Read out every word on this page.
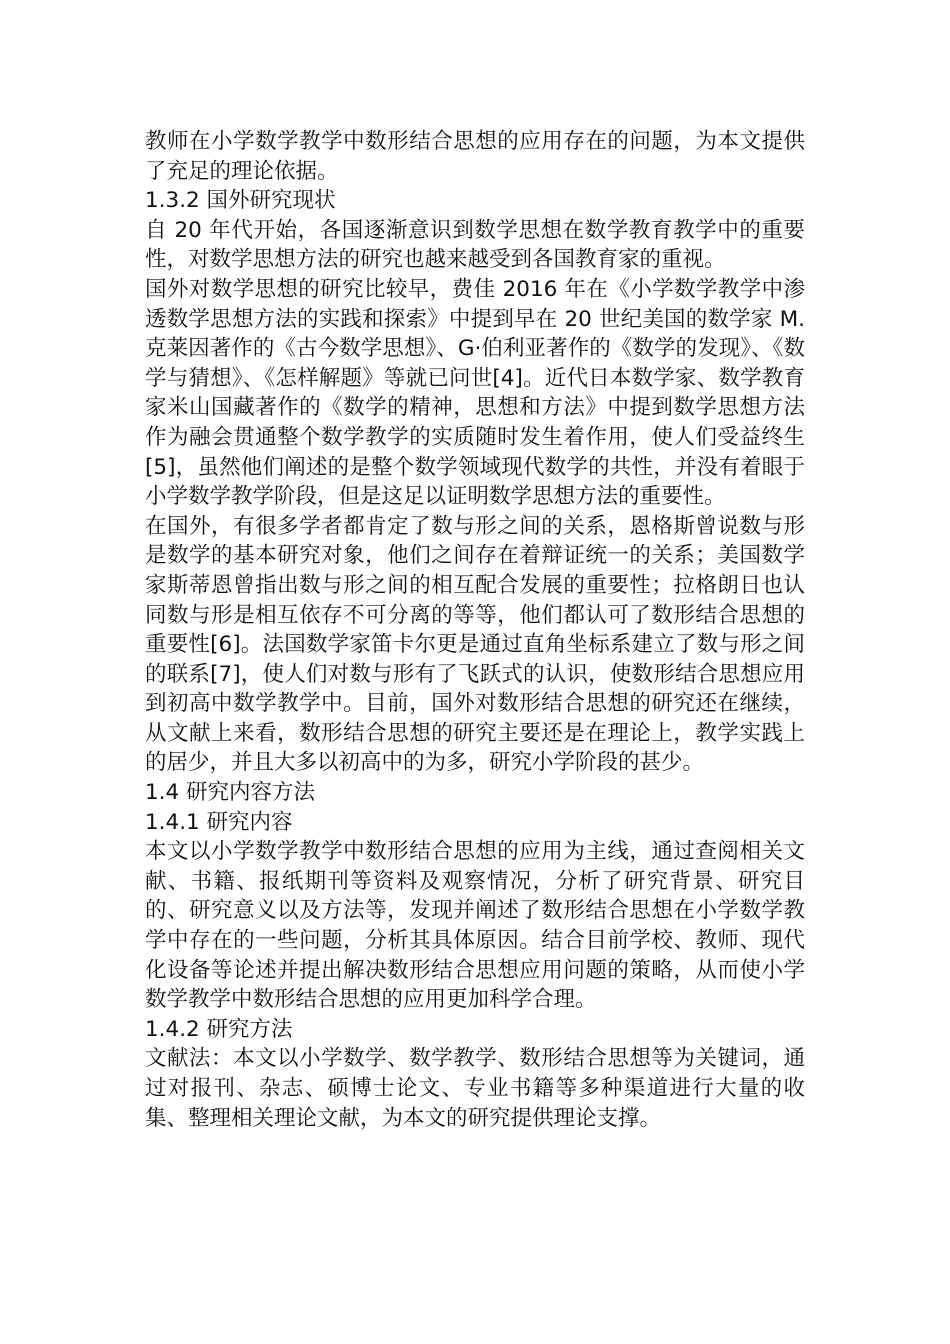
教师在小学数学教学中数形结合思想的应用存在的问题，为本文提供了充足的理论依据。

1.3.2 国外研究现状

自 20 年代开始，各国逐渐意识到数学思想在数学教育教学中的重要性，对数学思想方法的研究也越来越受到各国教育家的重视。

国外对数学思想的研究比较早，费佳 2016 年在《小学数学教学中渗透数学思想方法的实践和探索》中提到早在 20 世纪美国的数学家 M.克莱因著作的《古今数学思想》、G·伯利亚著作的《数学的发现》、《数学与猜想》、《怎样解题》等就已问世[4]。近代日本数学家、数学教育家米山国藏著作的《数学的精神，思想和方法》中提到数学思想方法作为融会贯通整个数学教学的实质随时发生着作用，使人们受益终生[5]，虽然他们阐述的是整个数学领域现代数学的共性，并没有着眼于小学数学教学阶段，但是这足以证明数学思想方法的重要性。

在国外，有很多学者都肯定了数与形之间的关系，恩格斯曾说数与形是数学的基本研究对象，他们之间存在着辩证统一的关系；美国数学家斯蒂恩曾指出数与形之间的相互配合发展的重要性；拉格朗日也认同数与形是相互依存不可分离的等等，他们都认可了数形结合思想的重要性[6]。法国数学家笛卡尔更是通过直角坐标系建立了数与形之间的联系[7]，使人们对数与形有了飞跃式的认识，使数形结合思想应用到初高中数学教学中。目前，国外对数形结合思想的研究还在继续，从文献上来看，数形结合思想的研究主要还是在理论上，教学实践上的居少，并且大多以初高中的为多，研究小学阶段的甚少。

1.4 研究内容方法

1.4.1 研究内容

本文以小学数学教学中数形结合思想的应用为主线，通过查阅相关文献、书籍、报纸期刊等资料及观察情况，分析了研究背景、研究目的、研究意义以及方法等，发现并阐述了数形结合思想在小学数学教学中存在的一些问题，分析其具体原因。结合目前学校、教师、现代化设备等论述并提出解决数形结合思想应用问题的策略，从而使小学数学教学中数形结合思想的应用更加科学合理。

1.4.2 研究方法

文献法：本文以小学数学、数学教学、数形结合思想等为关键词，通过对报刊、杂志、硕博士论文、专业书籍等多种渠道进行大量的收集、整理相关理论文献，为本文的研究提供理论支撑。
